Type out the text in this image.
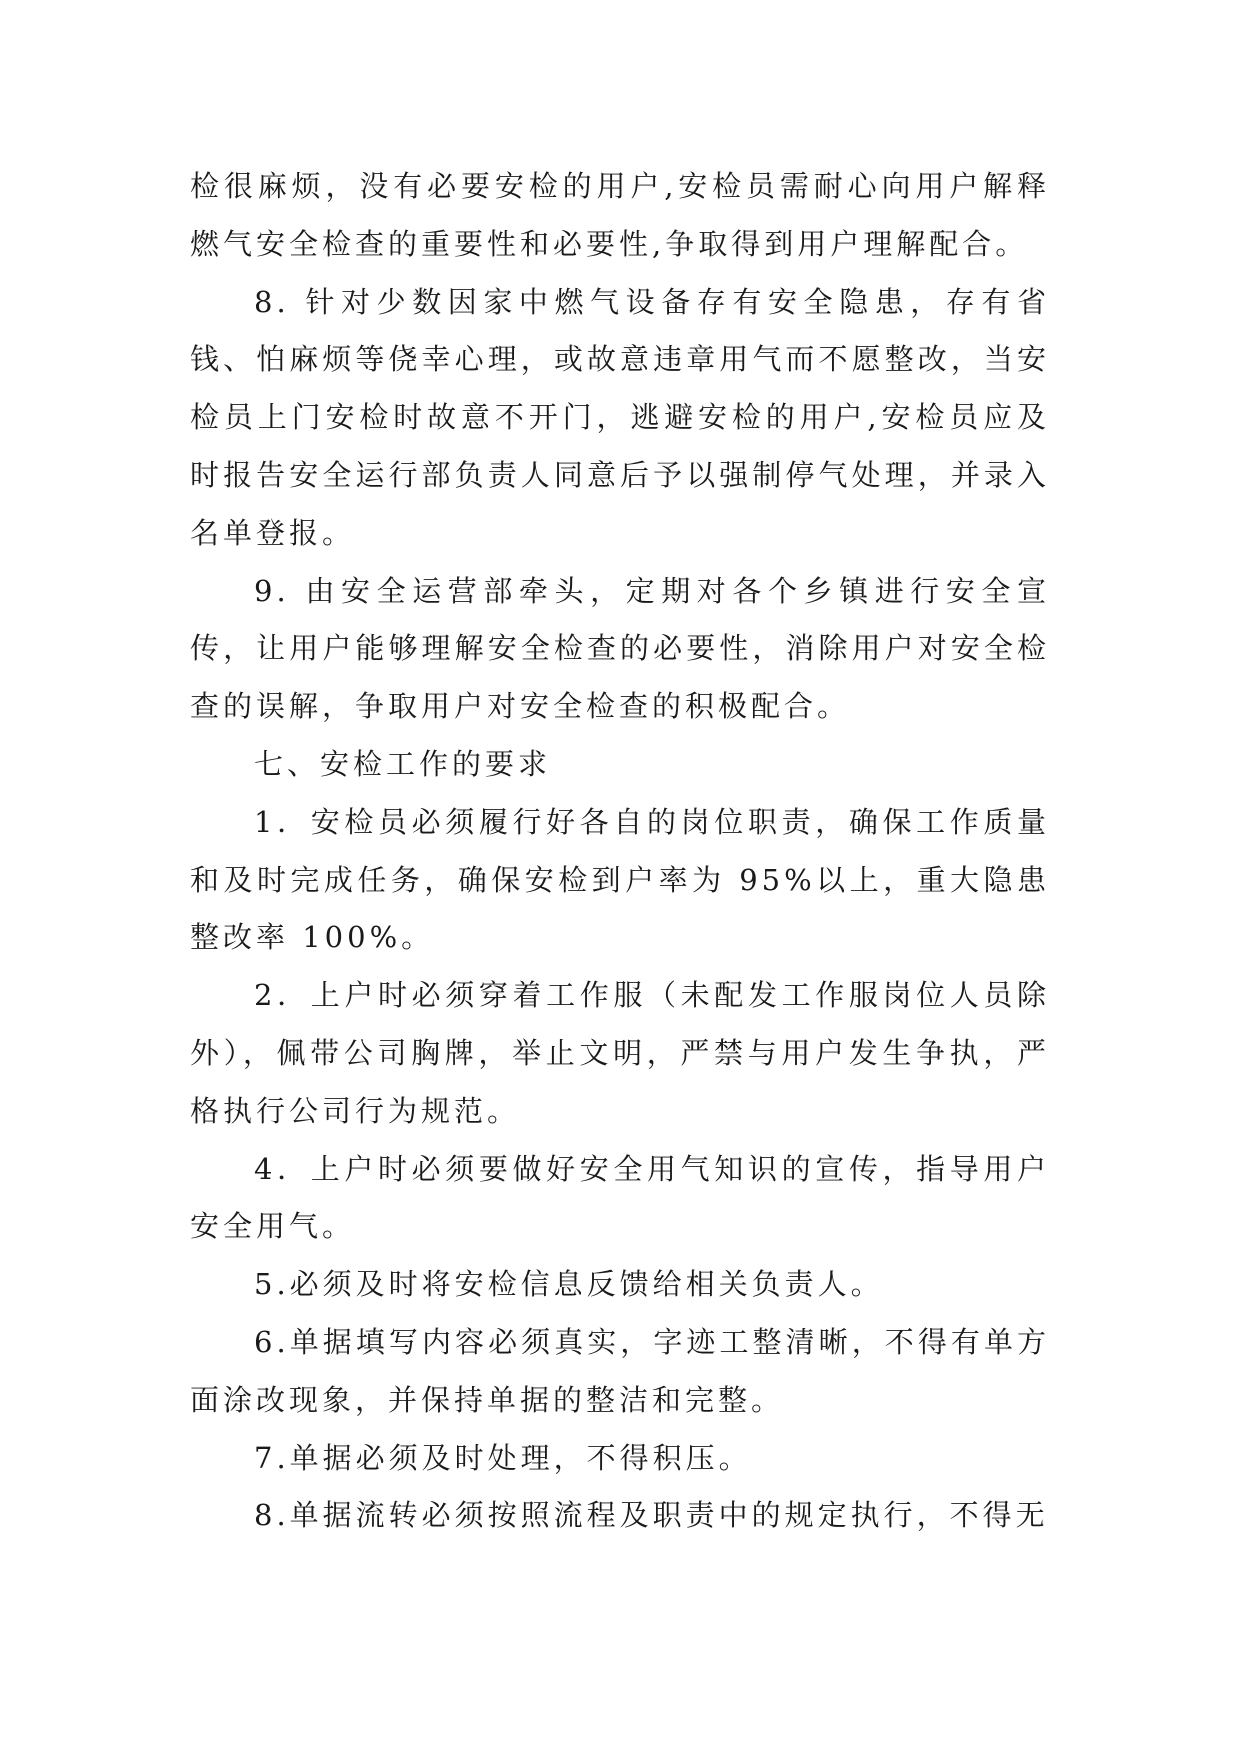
检很麻烦，没有必要安检的用户,安检员需耐心向用户解释燃气安全检查的重要性和必要性,争取得到用户理解配合。

8. 针对少数因家中燃气设备存有安全隐患，存有省钱、怕麻烦等侥幸心理，或故意违章用气而不愿整改，当安检员上门安检时故意不开门，逃避安检的用户,安检员应及时报告安全运行部负责人同意后予以强制停气处理，并录入名单登报。

9. 由安全运营部牵头，定期对各个乡镇进行安全宣传，让用户能够理解安全检查的必要性，消除用户对安全检查的误解，争取用户对安全检查的积极配合。

七、安检工作的要求

1．安检员必须履行好各自的岗位职责，确保工作质量和及时完成任务，确保安检到户率为 95%以上，重大隐患整改率 100%。

2．上户时必须穿着工作服（未配发工作服岗位人员除外），佩带公司胸牌，举止文明，严禁与用户发生争执，严格执行公司行为规范。

4．上户时必须要做好安全用气知识的宣传，指导用户安全用气。

5.必须及时将安检信息反馈给相关负责人。

6.单据填写内容必须真实，字迹工整清晰，不得有单方面涂改现象，并保持单据的整洁和完整。

7.单据必须及时处理，不得积压。

8.单据流转必须按照流程及职责中的规定执行，不得无
